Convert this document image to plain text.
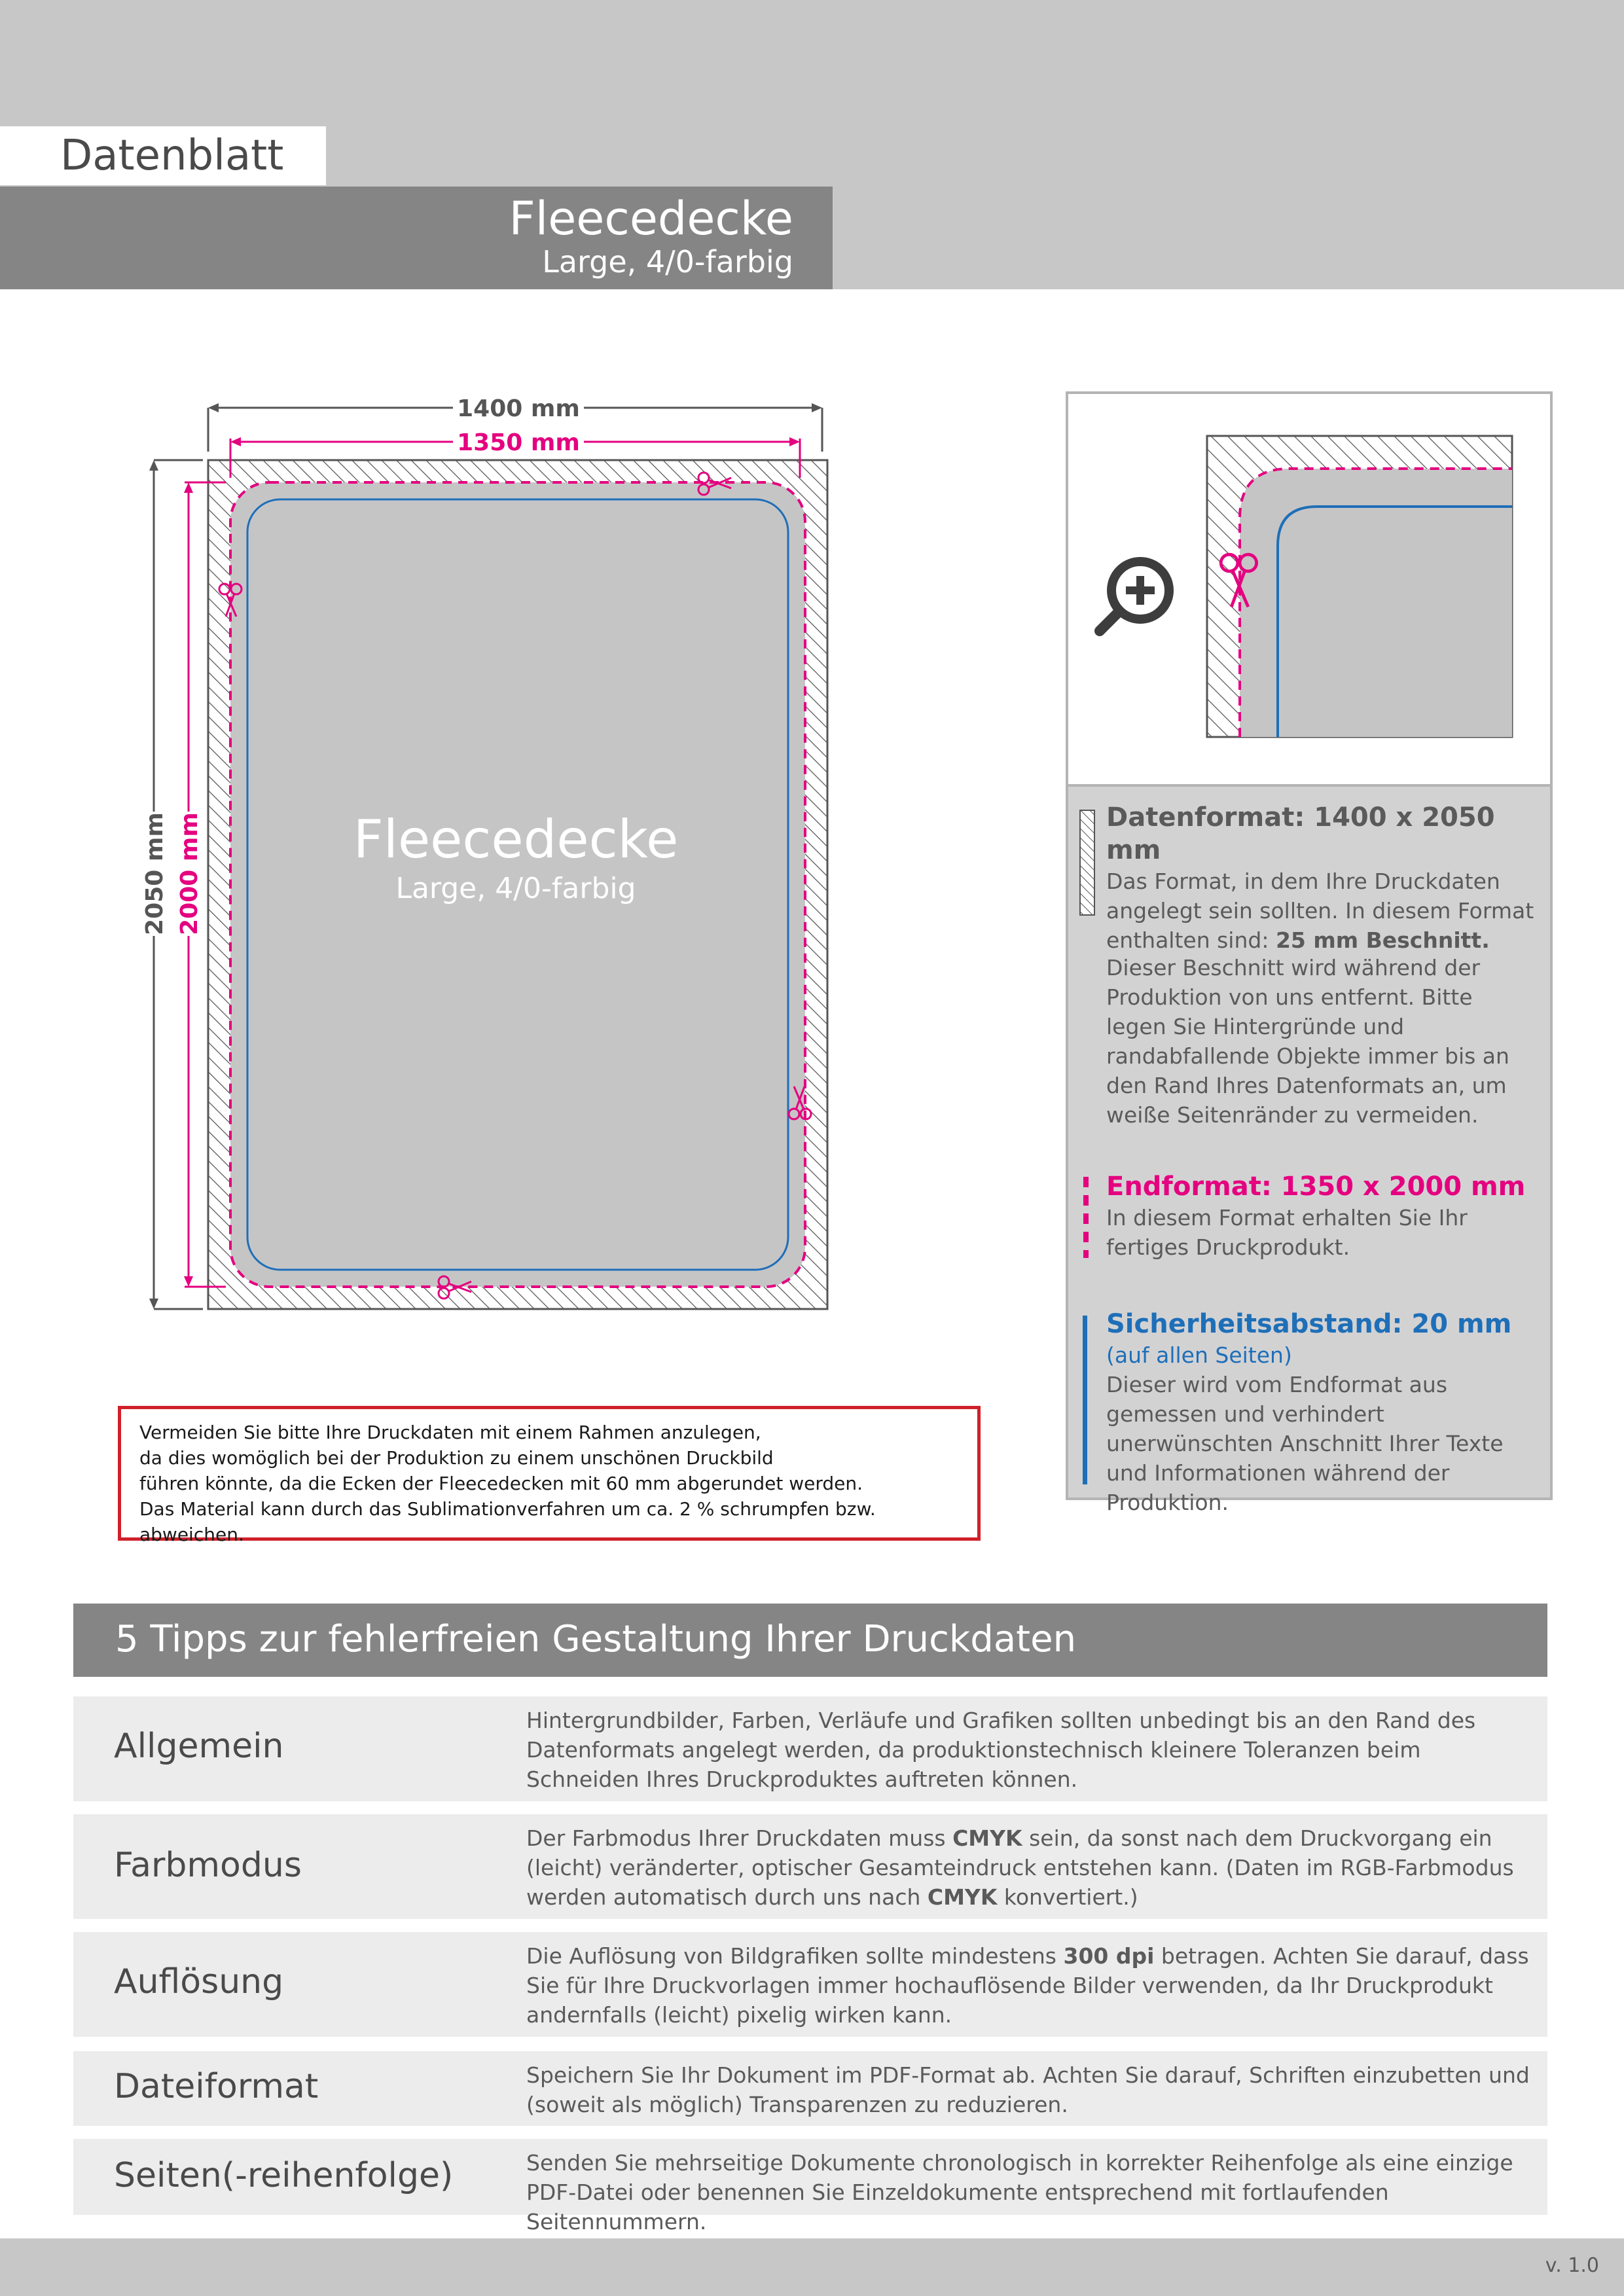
Datenblatt
Fleecedecke
Large, 4/0-farbig
1400 mm
1350 mm
2050 mm 2000 mm	Fleecedecke
Large, 4/0-farbig
Datenformat: 1400 x 2050 mm
Das Format, in dem Ihre Druckdaten
angelegt sein sollten. In diesem Format
enthalten sind: 25 mm Beschnitt.
Dieser Beschnitt wird während der Produktion von uns entfernt. Bitte legen Sie Hintergründe und randabfallende Objekte immer bis an den Rand Ihres Datenformats an, um weiße Seitenränder zu vermeiden.
Endformat: 1350 x 2000 mm
In diesem Format erhalten Sie Ihr fertiges Druckprodukt.
Sicherheitsabstand: 20 mm
(auf allen Seiten)
Dieser wird vom Endformat aus gemessen und verhindert unerwünschten Anschnitt Ihrer Texte und Informationen während der Produktion.
Vermeiden Sie bitte Ihre Druckdaten mit einem Rahmen anzulegen,
da dies womöglich bei der Produktion zu einem unschönen Druckbild
führen könnte, da die Ecken der Fleecedecken mit 60 mm abgerundet werden.
Das Material kann durch das Sublimationverfahren um ca. 2 % schrumpfen bzw. abweichen.
5 Tipps zur fehlerfreien Gestaltung Ihrer Druckdaten
Allgemein
Hintergrundbilder, Farben, Verläufe und Grafiken sollten unbedingt bis an den Rand des Datenformats angelegt werden, da produktionstechnisch kleinere Toleranzen beim Schneiden Ihres Druckproduktes auftreten können.
Farbmodus
Der Farbmodus Ihrer Druckdaten muss CMYK sein, da sonst nach dem Druckvorgang ein (leicht) veränderter, optischer Gesamteindruck entstehen kann. (Daten im RGB-Farbmodus werden automatisch durch uns nach CMYK konvertiert.)
Auflösung
Die Auflösung von Bildgrafiken sollte mindestens 300 dpi betragen. Achten Sie darauf, dass Sie für Ihre Druckvorlagen immer hochauflösende Bilder verwenden, da Ihr Druckprodukt andernfalls (leicht) pixelig wirken kann.
Dateiformat	Speichern Sie Ihr Dokument im PDF-Format ab. Achten Sie darauf, Schriften einzubetten und (soweit als möglich) Transparenzen zu reduzieren.
Seiten(-reihenfolge)	Senden Sie mehrseitige Dokumente chronologisch in korrekter Reihenfolge als eine einzige PDF-Datei oder benennen Sie Einzeldokumente entsprechend mit fortlaufenden Seitennummern.
v. 1.0
